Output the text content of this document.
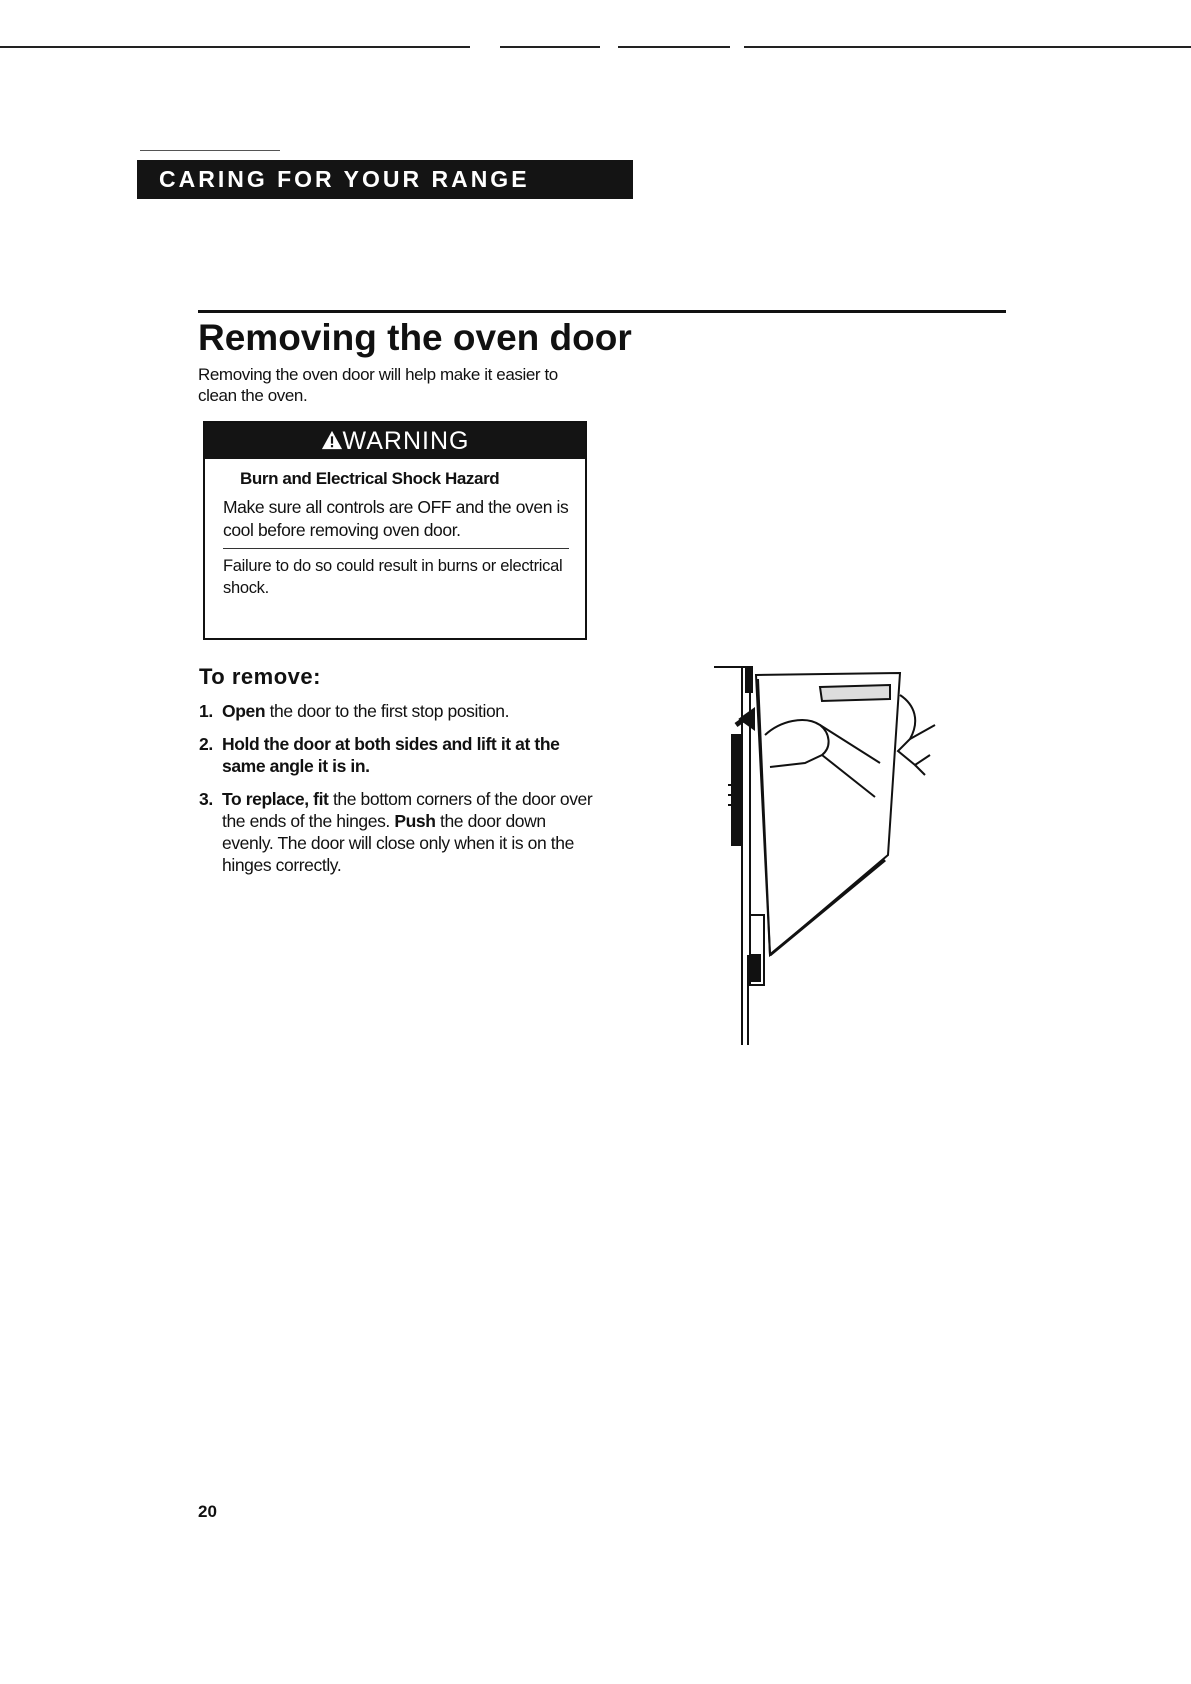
CARING FOR YOUR RANGE
Removing the oven door
Removing the oven door will help make it easier to clean the oven.
WARNING
Burn and Electrical Shock Hazard
Make sure all controls are OFF and the oven is cool before removing oven door.
Failure to do so could result in burns or electrical shock.
To remove:
1. Open the door to the first stop position.
2. Hold the door at both sides and lift it at the same angle it is in.
3. To replace, fit the bottom corners of the door over the ends of the hinges. Push the door down evenly. The door will close only when it is on the hinges correctly.
20
